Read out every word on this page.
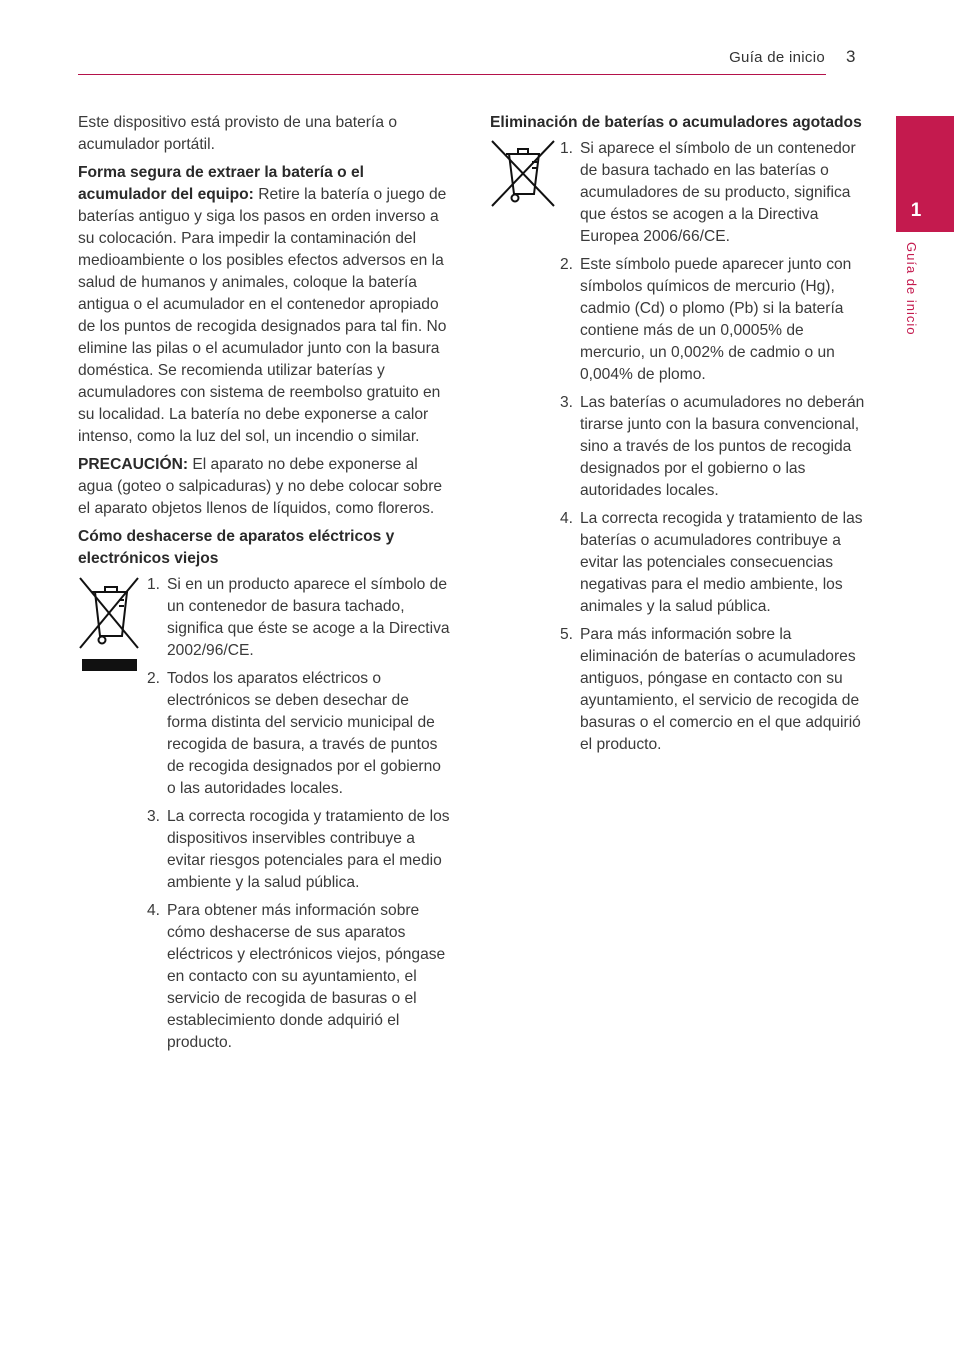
Guía de inicio 3
1
Guía de inicio

Este dispositivo está provisto de una batería o acumulador portátil.

Forma segura de extraer la batería o el acumulador del equipo: Retire la batería o juego de baterías antiguo y siga los pasos en orden inverso a su colocación. Para impedir la contaminación del medioambiente o los posibles efectos adversos en la salud de humanos y animales, coloque la batería antigua o el acumulador en el contenedor apropiado de los puntos de recogida designados para tal fin. No elimine las pilas o el acumulador junto con la basura doméstica. Se recomienda utilizar baterías y acumuladores con sistema de reembolso gratuito en su localidad. La batería no debe exponerse a calor intenso, como la luz del sol, un incendio o similar.

PRECAUCIÓN: El aparato no debe exponerse al agua (goteo o salpicaduras) y no debe colocar sobre el aparato objetos llenos de líquidos, como floreros.

Cómo deshacerse de aparatos eléctricos y electrónicos viejos
1. Si en un producto aparece el símbolo de un contenedor de basura tachado, significa que éste se acoge a la Directiva 2002/96/CE.
2. Todos los aparatos eléctricos o electrónicos se deben desechar de forma distinta del servicio municipal de recogida de basura, a través de puntos de recogida designados por el gobierno o las autoridades locales.
3. La correcta rocogida y tratamiento de los dispositivos inservibles contribuye a evitar riesgos potenciales para el medio ambiente y la salud pública.
4. Para obtener más información sobre cómo deshacerse de sus aparatos eléctricos y electrónicos viejos, póngase en contacto con su ayuntamiento, el servicio de recogida de basuras o el establecimiento donde adquirió el producto.
Eliminación de baterías o acumuladores agotados
1. Si aparece el símbolo de un contenedor de basura tachado en las baterías o acumuladores de su producto, significa que éstos se acogen a la Directiva Europea 2006/66/CE.
2. Este símbolo puede aparecer junto con símbolos químicos de mercurio (Hg), cadmio (Cd) o plomo (Pb) si la batería contiene más de un 0,0005% de mercurio, un 0,002% de cadmio o un 0,004% de plomo.
3. Las baterías o acumuladores no deberán tirarse junto con la basura convencional, sino a través de los puntos de recogida designados por el gobierno o las autoridades locales.
4. La correcta recogida y tratamiento de las baterías o acumuladores contribuye a evitar las potenciales consecuencias negativas para el medio ambiente, los animales y la salud pública.
5. Para más información sobre la eliminación de baterías o acumuladores antiguos, póngase en contacto con su ayuntamiento, el servicio de recogida de basuras o el comercio en el que adquirió el producto.
